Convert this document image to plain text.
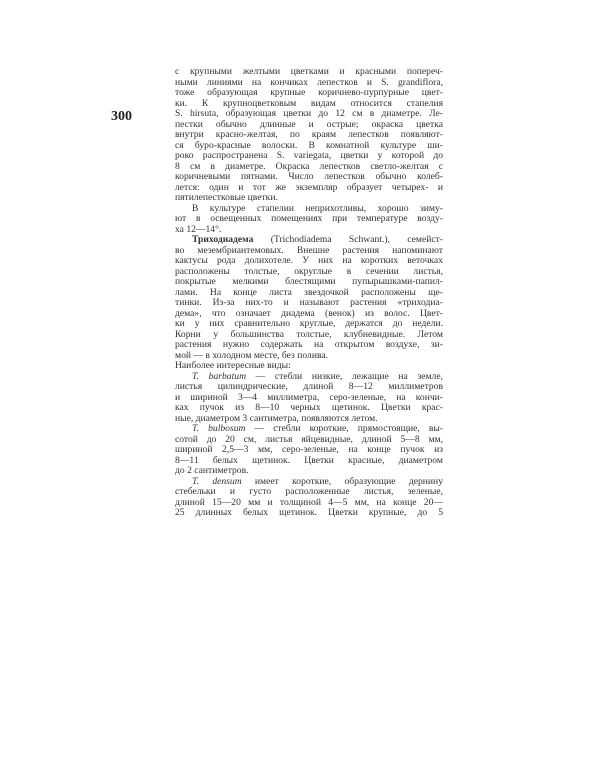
300
с крупными желтыми цветками и красными попереч-
ными линиями на кончиках лепестков и S. grandiflora,
тоже образующая крупные коричнево-пурпурные цвет-
ки. К крупноцветковым видам относится стапелия
S. hirsuta, образующая цветки до 12 см в диаметре. Ле-
пестки обычно длинные и острые; окраска цветка
внутри красно-желтая, по краям лепестков появляют-
ся буро-красные волоски. В комнатной культуре ши-
роко распространена S. variegata, цветки у которой до
8 см в диаметре. Окраска лепестков светло-желтая с
коричневыми пятнами. Число лепестков обычно колеб-
лется: один и тот же экземпляр образует четырех- и
пятилепестковые цветки.
В культуре стапелии неприхотливы, хорошо зиму-
ют в освещенных помещениях при температуре возду-
ха 12—14°.
Триходиадема (Trichodiadema Schwant.), семейст-
во мезембриантемовых. Внешне растения напоминают
кактусы рода долихотеле. У них на коротких веточках
расположены толстые, округлые в сечении листья,
покрытые мелкими блестящими пупырышками-папил-
лами. На конце листа звездочкой расположены ще-
тинки. Из-за них-то и называют растения «триходиа-
дема», что означает диадема (венок) из волос. Цвет-
ки у них сравнительно круглые, держатся до недели.
Корни у большинства толстые, клубневидные. Летом
растения нужно содержать на открытом воздухе, зи-
мой — в холодном месте, без полива.
Наиболее интересные виды:
T. barbatum — стебли низкие, лежащие на земле,
листья цилиндрические, длиной 8—12 миллиметров
и шириной 3—4 миллиметра, серо-зеленые, на кончи-
ках пучок из 8—10 черных щетинок. Цветки крас-
ные, диаметром 3 сантиметра, появляются летом.
T. bulbosum — стебли короткие, прямостоящие, вы-
сотой до 20 см, листья яйцевидные, длиной 5—8 мм,
шириной 2,5—3 мм, серо-зеленые, на конце пучок из
8—11 белых щетинок. Цветки красные, диаметром
до 2 сантиметров.
T. densum имеет короткие, образующие дернину
стебельки и густо расположенные листья, зеленые,
длиной 15—20 мм и толщиной 4—5 мм, на конце 20—
25 длинных белых щетинок. Цветки крупные, до 5
